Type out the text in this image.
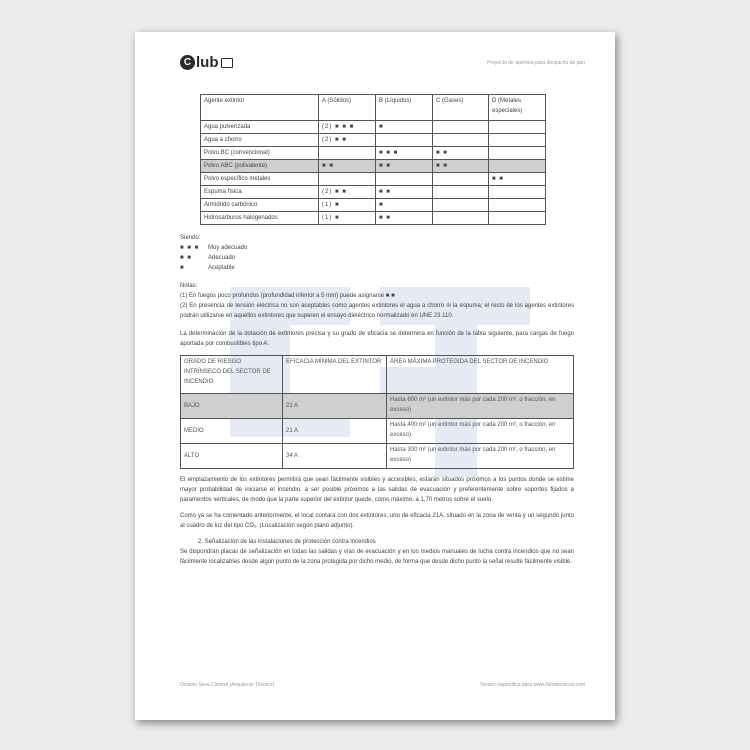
C lub	Proyecto de apertura para despacho de pan
Agente extintor	A (Sólidos)	B (Líquidos)	C (Gases)	D (Metales especiales)
Agua pulverizada	(2) ■ ■ ■	■		
Agua a chorro	(2) ■ ■			
Polvo BC (convencional)		■ ■ ■	■ ■	
Polvo ABC (polivalente)	■ ■	■ ■	■ ■	
Polvo específico metales				■ ■
Espuma física	(2) ■ ■	■ ■		
Anhídrido carbónico	(1) ■	■		
Hidrocarburos halogenados	(1) ■	■ ■		
Siendo:
■ ■ ■	Muy adecuado
■ ■	Adecuado
■	Aceptable
Notas:
(1) En fuegos poco profundos (profundidad inferior a 5 mm) puede asignarse ■ ■
(2) En presencia de tensión eléctrica no son aceptables como agentes extintores el agua a chorro ni la espuma; el resto de los agentes extintores podrán utilizarse en aquellos extintores que superen el ensayo dieléctrico normalizado en UNE 23.110.
La determinación de la dotación de extintores precisa y su grado de eficacia se determina en función de la tabla siguiente, para cargas de fuego aportada por combustibles tipo A:
GRADO DE RIESGO INTRÍNSECO DEL SECTOR DE INCENDIO	EFICACIA MÍNIMA DEL EXTINTOR	ÁREA MÁXIMA PROTEGIDA DEL SECTOR DE INCENDIO
BAJO	21 A	Hasta 600 m² (un extintor más por cada 200 m², o fracción, en exceso)
MEDIO	21 A	Hasta 400 m² (un extintor más por cada 200 m², o fracción, en exceso)
ALTO	34 A	Hasta 300 m² (un extintor más por cada 200 m², o fracción, en exceso)
El emplazamiento de los extintores permitirá que sean fácilmente visibles y accesibles, estarán situados próximos a los puntos donde se estime mayor probabilidad de iniciarse el incendio, a ser posible próximos a las salidas de evacuación y preferentemente sobre soportes fijados a paramentos verticales, de modo que la parte superior del extintor quede, como máximo, a 1,70 metros sobre el suelo.
Como ya se ha comentado anteriormente, el local contara con dos extintores, uno de eficacia 21A, situado en la zona de venta y un segundo junto al cuadro de luz del tipo CO₂. (Localización según plano adjunto).
2. Señalización de las instalaciones de protección contra incendios
Se dispondrán placas de señalización en todas las salidas y vías de evacuación y en los medios manuales de lucha contra incendios que no sean fácilmente localizables desde algún punto de la zona protegida por dicho medio, de forma que desde dicho punto la señal resulte fácilmente visible.
Octavio Seva Climent (Arquitecto Técnico)	Versión específica para www.fichatecnicos.com
